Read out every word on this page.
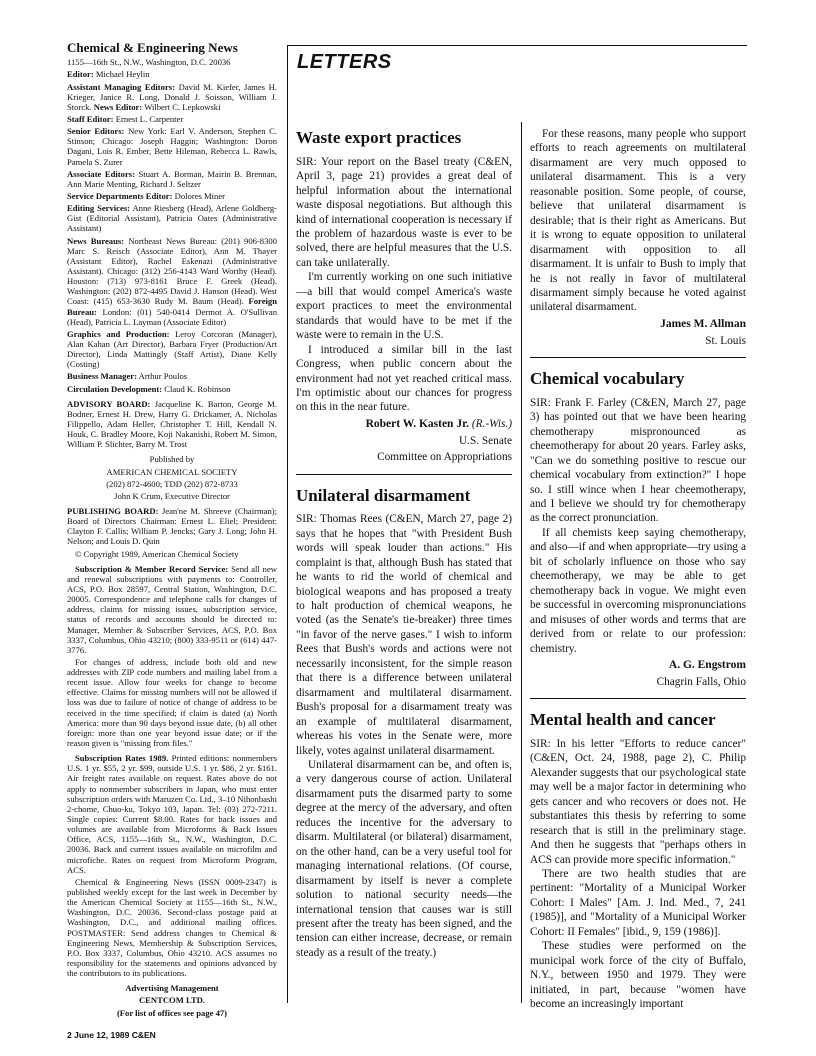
Chemical & Engineering News

1155—16th St., N.W., Washington, D.C. 20036

Editor: Michael Heylin

Assistant Managing Editors: David M. Kiefer, James H. Krieger, Janice R. Long, Donald J. Soisson, William J. Storck. News Editor: Wilbert C. Lepkowski

Staff Editor: Ernest L. Carpenter

Senior Editors: New York: Earl V. Anderson, Stephen C. Stinson; Chicago: Joseph Haggin; Washington: Doron Dagani, Lois R. Ember, Bette Hileman, Rebecca L. Rawls, Pamela S. Zurer

Associate Editors: Stuart A. Borman, Mairin B. Brennan, Ann Marie Menting, Richard J. Seltzer

Service Departments Editor: Dolores Miner

Editing Services: Anne Riesberg (Head), Arlene Goldberg-Gist (Editorial Assistant), Patricia Oates (Administrative Assistant)

News Bureaus: Northeast News Bureau: (201) 906-8300 Marc S. Reisch (Associate Editor), Ann M. Thayer (Assistant Editor), Rachel Eskenazi (Administrative Assistant). Chicago: (312) 256-4143 Ward Worthy (Head). Houston: (713) 973-8161 Bruce F. Greek (Head). Washington: (202) 872-4495 David J. Hanson (Head). West Coast: (415) 653-3630 Rudy M. Baum (Head). Foreign Bureau: London: (01) 540-0414 Dermot A. O'Sullivan (Head), Patricia L. Layman (Associate Editor)

Graphics and Production: Leroy Corcoran (Manager), Alan Kahan (Art Director), Barbara Fryer (Production/Art Director), Linda Mattingly (Staff Artist), Diane Kelly (Costing)

Business Manager: Arthur Poulos

Circulation Development: Claud K. Robinson

ADVISORY BOARD: Jacqueline K. Barton, George M. Bodner, Ernest H. Drew, Harry G. Drickamer, A. Nicholas Filippello, Adam Heller, Christopher T. Hill, Kendall N. Houk, C. Bradley Moore, Koji Nakanishi, Robert M. Simon, William P. Slichter, Barry M. Trost

Published by

AMERICAN CHEMICAL SOCIETY

(202) 872-4600; TDD (202) 872-8733

John K Crum, Executive Director

PUBLISHING BOARD: Jean'ne M. Shreeve (Chairman); Board of Directors Chairman: Ernest L. Eliel; President: Clayton F. Callis; William P. Jencks; Gary J. Long; John H. Nelson; and Louis D. Quin

© Copyright 1989, American Chemical Society

Subscription & Member Record Service: Send all new and renewal subscriptions with payments to: Controller, ACS, P.O. Box 28597, Central Station, Washington, D.C. 20005. Correspondence and telephone calls for changes of address, claims for missing issues, subscription service, status of records and accounts should be directed to: Manager, Member & Subscriber Services, ACS, P.O. Box 3337, Columbus, Ohio 43210; (800) 333-9511 or (614) 447-3776.

For changes of address, include both old and new addresses with ZIP code numbers and mailing label from a recent issue. Allow four weeks for change to become effective. Claims for missing numbers will not be allowed if loss was due to failure of notice of change of address to be received in the time specified; if claim is dated (a) North America: more than 90 days beyond issue date, (b) all other foreign: more than one year beyond issue date; or if the reason given is "missing from files."

Subscription Rates 1989. Printed editions: nonmembers U.S. 1 yr. $55, 2 yr. $99, outside U.S. 1 yr. $86, 2 yr. $161. Air freight rates available on request. Rates above do not apply to nonmember subscribers in Japan, who must enter subscription orders with Maruzen Co. Ltd., 3–10 Nihonbashi 2-chome, Chuo-ku, Tokyo 103, Japan. Tel: (03) 272-7211. Single copies: Current $8.00. Rates for back issues and volumes are available from Microforms & Back Issues Office, ACS, 1155—16th St., N.W., Washington, D.C. 20036. Back and current issues available on microfilm and microfiche. Rates on request from Microform Program, ACS.

Chemical & Engineering News (ISSN 0009-2347) is published weekly except for the last week in December by the American Chemical Society at 1155—16th St., N.W., Washington, D.C. 20036. Second-class postage paid at Washington, D.C., and additional mailing offices. POSTMASTER: Send address changes to Chemical & Engineering News, Membership & Subscription Services, P.O. Box 3337, Columbus, Ohio 43210. ACS assumes no responsibility for the statements and opinions advanced by the contributors to its publications.

Advertising Management

CENTCOM LTD.

(For list of offices see page 47)

LETTERS
Waste export practices

SIR: Your report on the Basel treaty (C&EN, April 3, page 21) provides a great deal of helpful information about the international waste disposal negotiations. But although this kind of international cooperation is necessary if the problem of hazardous waste is ever to be solved, there are helpful measures that the U.S. can take unilaterally.

I'm currently working on one such initiative—a bill that would compel America's waste export practices to meet the environmental standards that would have to be met if the waste were to remain in the U.S.

I introduced a similar bill in the last Congress, when public concern about the environment had not yet reached critical mass. I'm optimistic about our chances for progress on this in the near future.

Robert W. Kasten Jr. (R.-Wis.)
U.S. Senate
Committee on Appropriations
Unilateral disarmament

SIR: Thomas Rees (C&EN, March 27, page 2) says that he hopes that "with President Bush words will speak louder than actions." His complaint is that, although Bush has stated that he wants to rid the world of chemical and biological weapons and has proposed a treaty to halt production of chemical weapons, he voted (as the Senate's tie-breaker) three times "in favor of the nerve gases." I wish to inform Rees that Bush's words and actions were not necessarily inconsistent, for the simple reason that there is a difference between unilateral disarmament and multilateral disarmament. Bush's proposal for a disarmament treaty was an example of multilateral disarmament, whereas his votes in the Senate were, more likely, votes against unilateral disarmament.

Unilateral disarmament can be, and often is, a very dangerous course of action. Unilateral disarmament puts the disarmed party to some degree at the mercy of the adversary, and often reduces the incentive for the adversary to disarm. Multilateral (or bilateral) disarmament, on the other hand, can be a very useful tool for managing international relations. (Of course, disarmament by itself is never a complete solution to national security needs—the international tension that causes war is still present after the treaty has been signed, and the tension can either increase, decrease, or remain steady as a result of the treaty.)

For these reasons, many people who support efforts to reach agreements on multilateral disarmament are very much opposed to unilateral disarmament. This is a very reasonable position. Some people, of course, believe that unilateral disarmament is desirable; that is their right as Americans. But it is wrong to equate opposition to unilateral disarmament with opposition to all disarmament. It is unfair to Bush to imply that he is not really in favor of multilateral disarmament simply because he voted against unilateral disarmament.

James M. Allman
St. Louis
Chemical vocabulary

SIR: Frank F. Farley (C&EN, March 27, page 3) has pointed out that we have been hearing chemotherapy mispronounced as cheemotherapy for about 20 years. Farley asks, "Can we do something positive to rescue our chemical vocabulary from extinction?" I hope so. I still wince when I hear cheemotherapy, and I believe we should try for chemotherapy as the correct pronunciation.

If all chemists keep saying chemotherapy, and also—if and when appropriate—try using a bit of scholarly influence on those who say cheemotherapy, we may be able to get chemotherapy back in vogue. We might even be successful in overcoming mispronunciations and misuses of other words and terms that are derived from or relate to our profession: chemistry.

A. G. Engstrom
Chagrin Falls, Ohio
Mental health and cancer

SIR: In his letter "Efforts to reduce cancer" (C&EN, Oct. 24, 1988, page 2), C. Philip Alexander suggests that our psychological state may well be a major factor in determining who gets cancer and who recovers or does not. He substantiates this thesis by referring to some research that is still in the preliminary stage. And then he suggests that "perhaps others in ACS can provide more specific information."

There are two health studies that are pertinent: "Mortality of a Municipal Worker Cohort: I Males" [Am. J. Ind. Med., 7, 241 (1985)], and "Mortality of a Municipal Worker Cohort: II Females" [ibid., 9, 159 (1986)].

These studies were performed on the municipal work force of the city of Buffalo, N.Y., between 1950 and 1979. They were initiated, in part, because "women have become an increasingly important

2 June 12, 1989 C&EN
